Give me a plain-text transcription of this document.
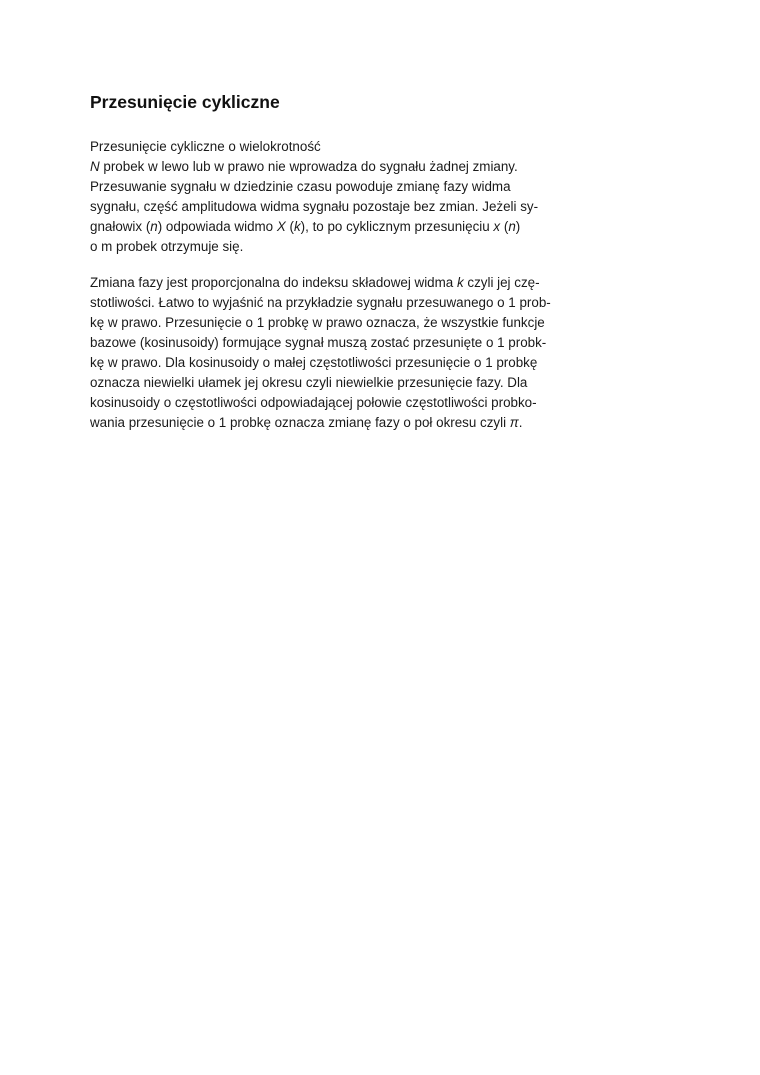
Przesunięcie cykliczne
Przesunięcie cykliczne o wielokrotność
N probek w lewo lub w prawo nie wprowadza do sygnału żadnej zmiany.
Przesuwanie sygnału w dziedzinie czasu powoduje zmianę fazy widma
sygnału, część amplitudowa widma sygnału pozostaje bez zmian. Jeżeli sy-
gnałowix (n) odpowiada widmo X (k), to po cyklicznym przesunięciu x (n)
o m probek otrzymuje się.
Zmiana fazy jest proporcjonalna do indeksu składowej widma k czyli jej czę-
stotliwości. Łatwo to wyjaśnić na przykładzie sygnału przesuwanego o 1 prob-
kę w prawo. Przesunięcie o 1 probkę w prawo oznacza, że wszystkie funkcje
bazowe (kosinusoidy) formujące sygnał muszą zostać przesunięte o 1 probk-
kę w prawo. Dla kosinusoidy o małej częstotliwości przesunięcie o 1 probkę
oznacza niewielki ułamek jej okresu czyli niewielkie przesunięcie fazy. Dla
kosinusoidy o częstotliwości odpowiadającej połowie częstotliwości probko-
wania przesunięcie o 1 probkę oznacza zmianę fazy o poł okresu czyli π.
